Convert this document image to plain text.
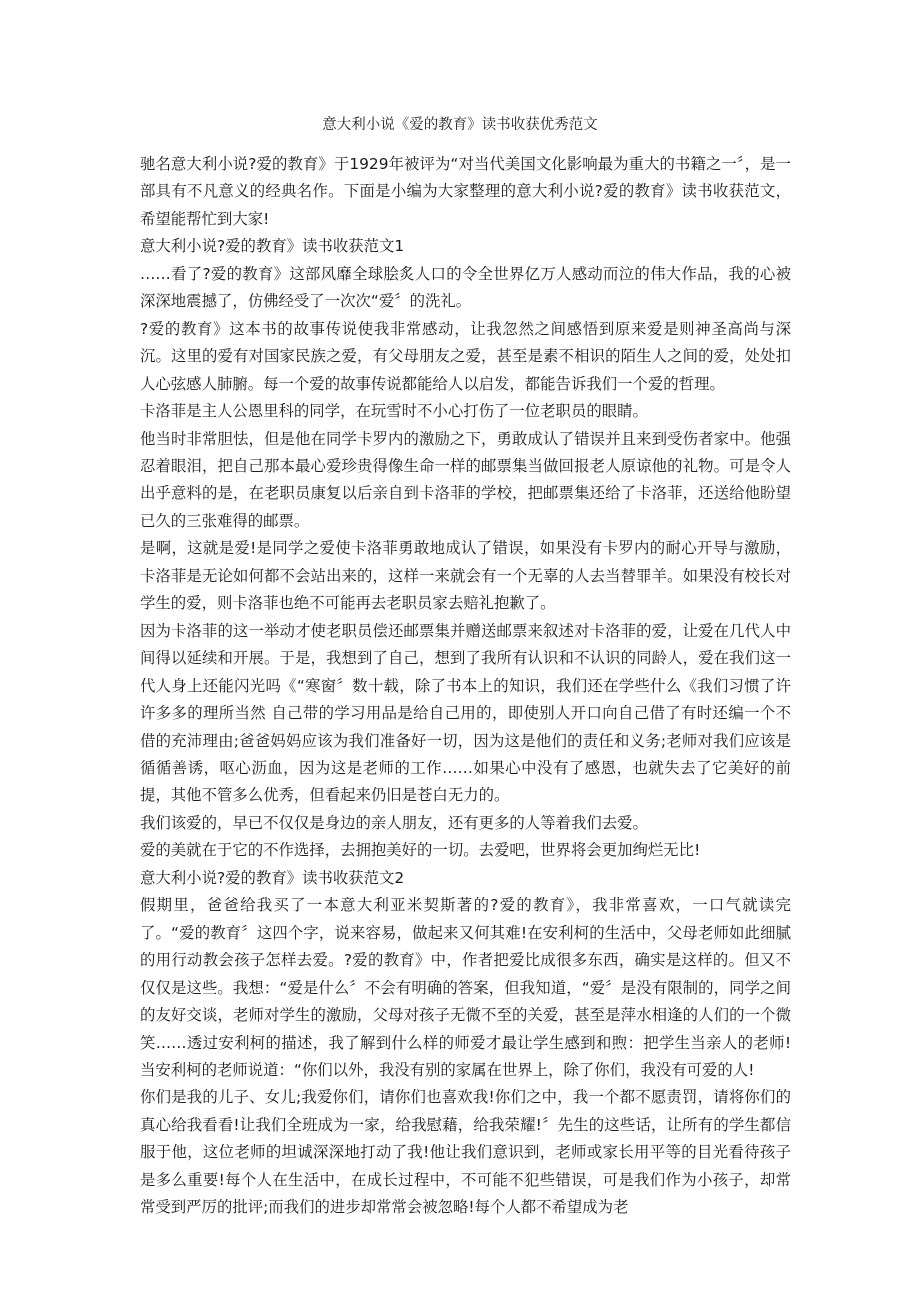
意大利小说《爱的教育》读书收获优秀范文

驰名意大利小说?爱的教育》于1929年被评为“对当代美国文化影响最为重大的书籍之一〞，是一部具有不凡意义的经典名作。下面是小编为大家整理的意大利小说?爱的教育》读书收获范文，希望能帮忙到大家!

意大利小说?爱的教育》读书收获范文1

……看了?爱的教育》这部风靡全球脍炙人口的令全世界亿万人感动而泣的伟大作品，我的心被深深地震撼了，仿佛经受了一次次“爱〞的洗礼。

?爱的教育》这本书的故事传说使我非常感动，让我忽然之间感悟到原来爱是则神圣高尚与深沉。这里的爱有对国家民族之爱，有父母朋友之爱，甚至是素不相识的陌生人之间的爱，处处扣人心弦感人肺腑。每一个爱的故事传说都能给人以启发，都能告诉我们一个爱的哲理。

卡洛菲是主人公恩里科的同学，在玩雪时不小心打伤了一位老职员的眼睛。

他当时非常胆怯，但是他在同学卡罗内的激励之下，勇敢成认了错误并且来到受伤者家中。他强忍着眼泪，把自己那本最心爱珍贵得像生命一样的邮票集当做回报老人原谅他的礼物。可是令人出乎意料的是，在老职员康复以后亲自到卡洛菲的学校，把邮票集还给了卡洛菲，还送给他盼望已久的三张难得的邮票。

是啊，这就是爱!是同学之爱使卡洛菲勇敢地成认了错误，如果没有卡罗内的耐心开导与激励，卡洛菲是无论如何都不会站出来的，这样一来就会有一个无辜的人去当替罪羊。如果没有校长对学生的爱，则卡洛菲也绝不可能再去老职员家去赔礼抱歉了。

因为卡洛菲的这一举动才使老职员偿还邮票集并赠送邮票来叙述对卡洛菲的爱，让爱在几代人中间得以延续和开展。于是，我想到了自己，想到了我所有认识和不认识的同龄人，爱在我们这一代人身上还能闪光吗《“寒窗〞数十载，除了书本上的知识，我们还在学些什么《我们习惯了许许多多的理所当然 自己带的学习用品是给自己用的，即使别人开口向自己借了有时还编一个不借的充沛理由;爸爸妈妈应该为我们准备好一切，因为这是他们的责任和义务;老师对我们应该是循循善诱，呕心沥血，因为这是老师的工作……如果心中没有了感恩，也就失去了它美好的前提，其他不管多么优秀，但看起来仍旧是苍白无力的。

我们该爱的，早已不仅仅是身边的亲人朋友，还有更多的人等着我们去爱。

爱的美就在于它的不作选择，去拥抱美好的一切。去爱吧，世界将会更加绚烂无比!

意大利小说?爱的教育》读书收获范文2

假期里，爸爸给我买了一本意大利亚米契斯著的?爱的教育》，我非常喜欢，一口气就读完了。“爱的教育〞这四个字，说来容易，做起来又何其难!在安利柯的生活中，父母老师如此细腻的用行动教会孩子怎样去爱。?爱的教育》中，作者把爱比成很多东西，确实是这样的。但又不仅仅是这些。我想：“爱是什么〞不会有明确的答案，但我知道，“爱〞是没有限制的，同学之间的友好交谈，老师对学生的激励，父母对孩子无微不至的关爱，甚至是萍水相逢的人们的一个微笑……透过安利柯的描述，我了解到什么样的师爱才最让学生感到和煦：把学生当亲人的老师!当安利柯的老师说道：“你们以外，我没有别的家属在世界上，除了你们，我没有可爱的人!

你们是我的儿子、女儿;我爱你们，请你们也喜欢我!你们之中，我一个都不愿责罚，请将你们的真心给我看看!让我们全班成为一家，给我慰藉，给我荣耀!〞先生的这些话，让所有的学生都信服于他，这位老师的坦诚深深地打动了我!他让我们意识到，老师或家长用平等的目光看待孩子是多么重要!每个人在生活中，在成长过程中，不可能不犯些错误，可是我们作为小孩子，却常常受到严厉的批评;而我们的进步却常常会被忽略!每个人都不希望成为老
